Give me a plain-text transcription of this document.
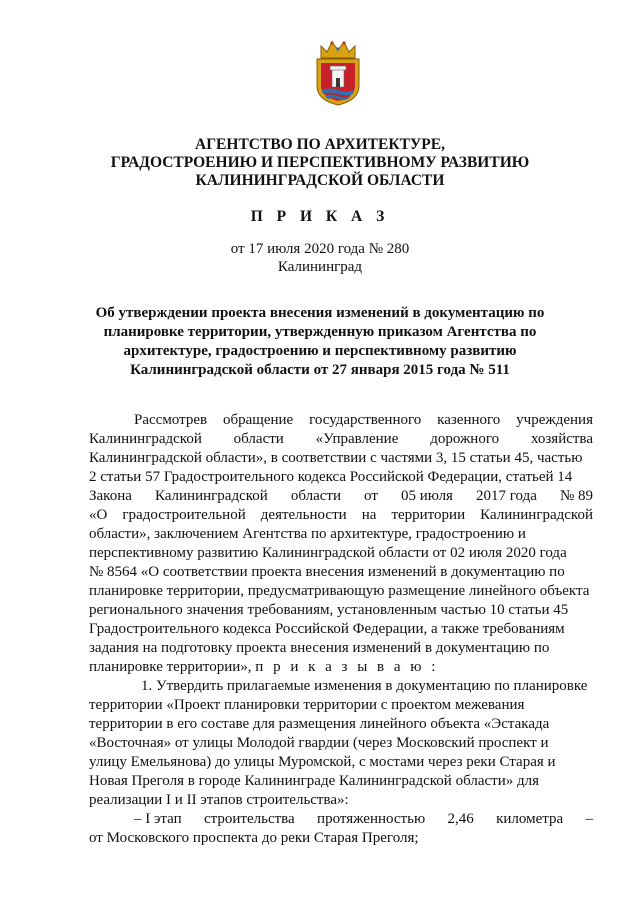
АГЕНТСТВО ПО АРХИТЕКТУРЕ,
ГРАДОСТРОЕНИЮ И ПЕРСПЕКТИВНОМУ РАЗВИТИЮ
КАЛИНИНГРАДСКОЙ ОБЛАСТИ
П Р И К А З
от 17 июля 2020 года № 280
Калининград
Об утверждении проекта внесения изменений в документацию по
планировке территории, утвержденную приказом Агентства по
архитектуре, градостроению и перспективному развитию
Калининградской области от 27 января 2015 года № 511
Рассмотрев обращение государственного казенного учреждения
Калининградской области «Управление дорожного хозяйства
Калининградской области», в соответствии с частями 3, 15 статьи 45, частью
2 статьи 57 Градостроительного кодекса Российской Федерации, статьей 14
Закона Калининградской области от 05 июля 2017 года № 89
«О градостроительной деятельности на территории Калининградской
области», заключением Агентства по архитектуре, градостроению и
перспективному развитию Калининградской области от 02 июля 2020 года
№ 8564 «О соответствии проекта внесения изменений в документацию по
планировке территории, предусматривающую размещение линейного объекта
регионального значения требованиям, установленным частью 10 статьи 45
Градостроительного кодекса Российской Федерации, а также требованиям
задания на подготовку проекта внесения изменений в документацию по
планировке территории», п р и к а з ы в а ю :
1. Утвердить прилагаемые изменения в документацию по планировке
территории «Проект планировки территории с проектом межевания
территории в его составе для размещения линейного объекта «Эстакада
«Восточная» от улицы Молодой гвардии (через Московский проспект и
улицу Емельянова) до улицы Муромской, с мостами через реки Старая и
Новая Преголя в городе Калининграде Калининградской области» для
реализации I и II этапов строительства»:
– I этап строительства протяженностью 2,46 километра –
от Московского проспекта до реки Старая Преголя;
